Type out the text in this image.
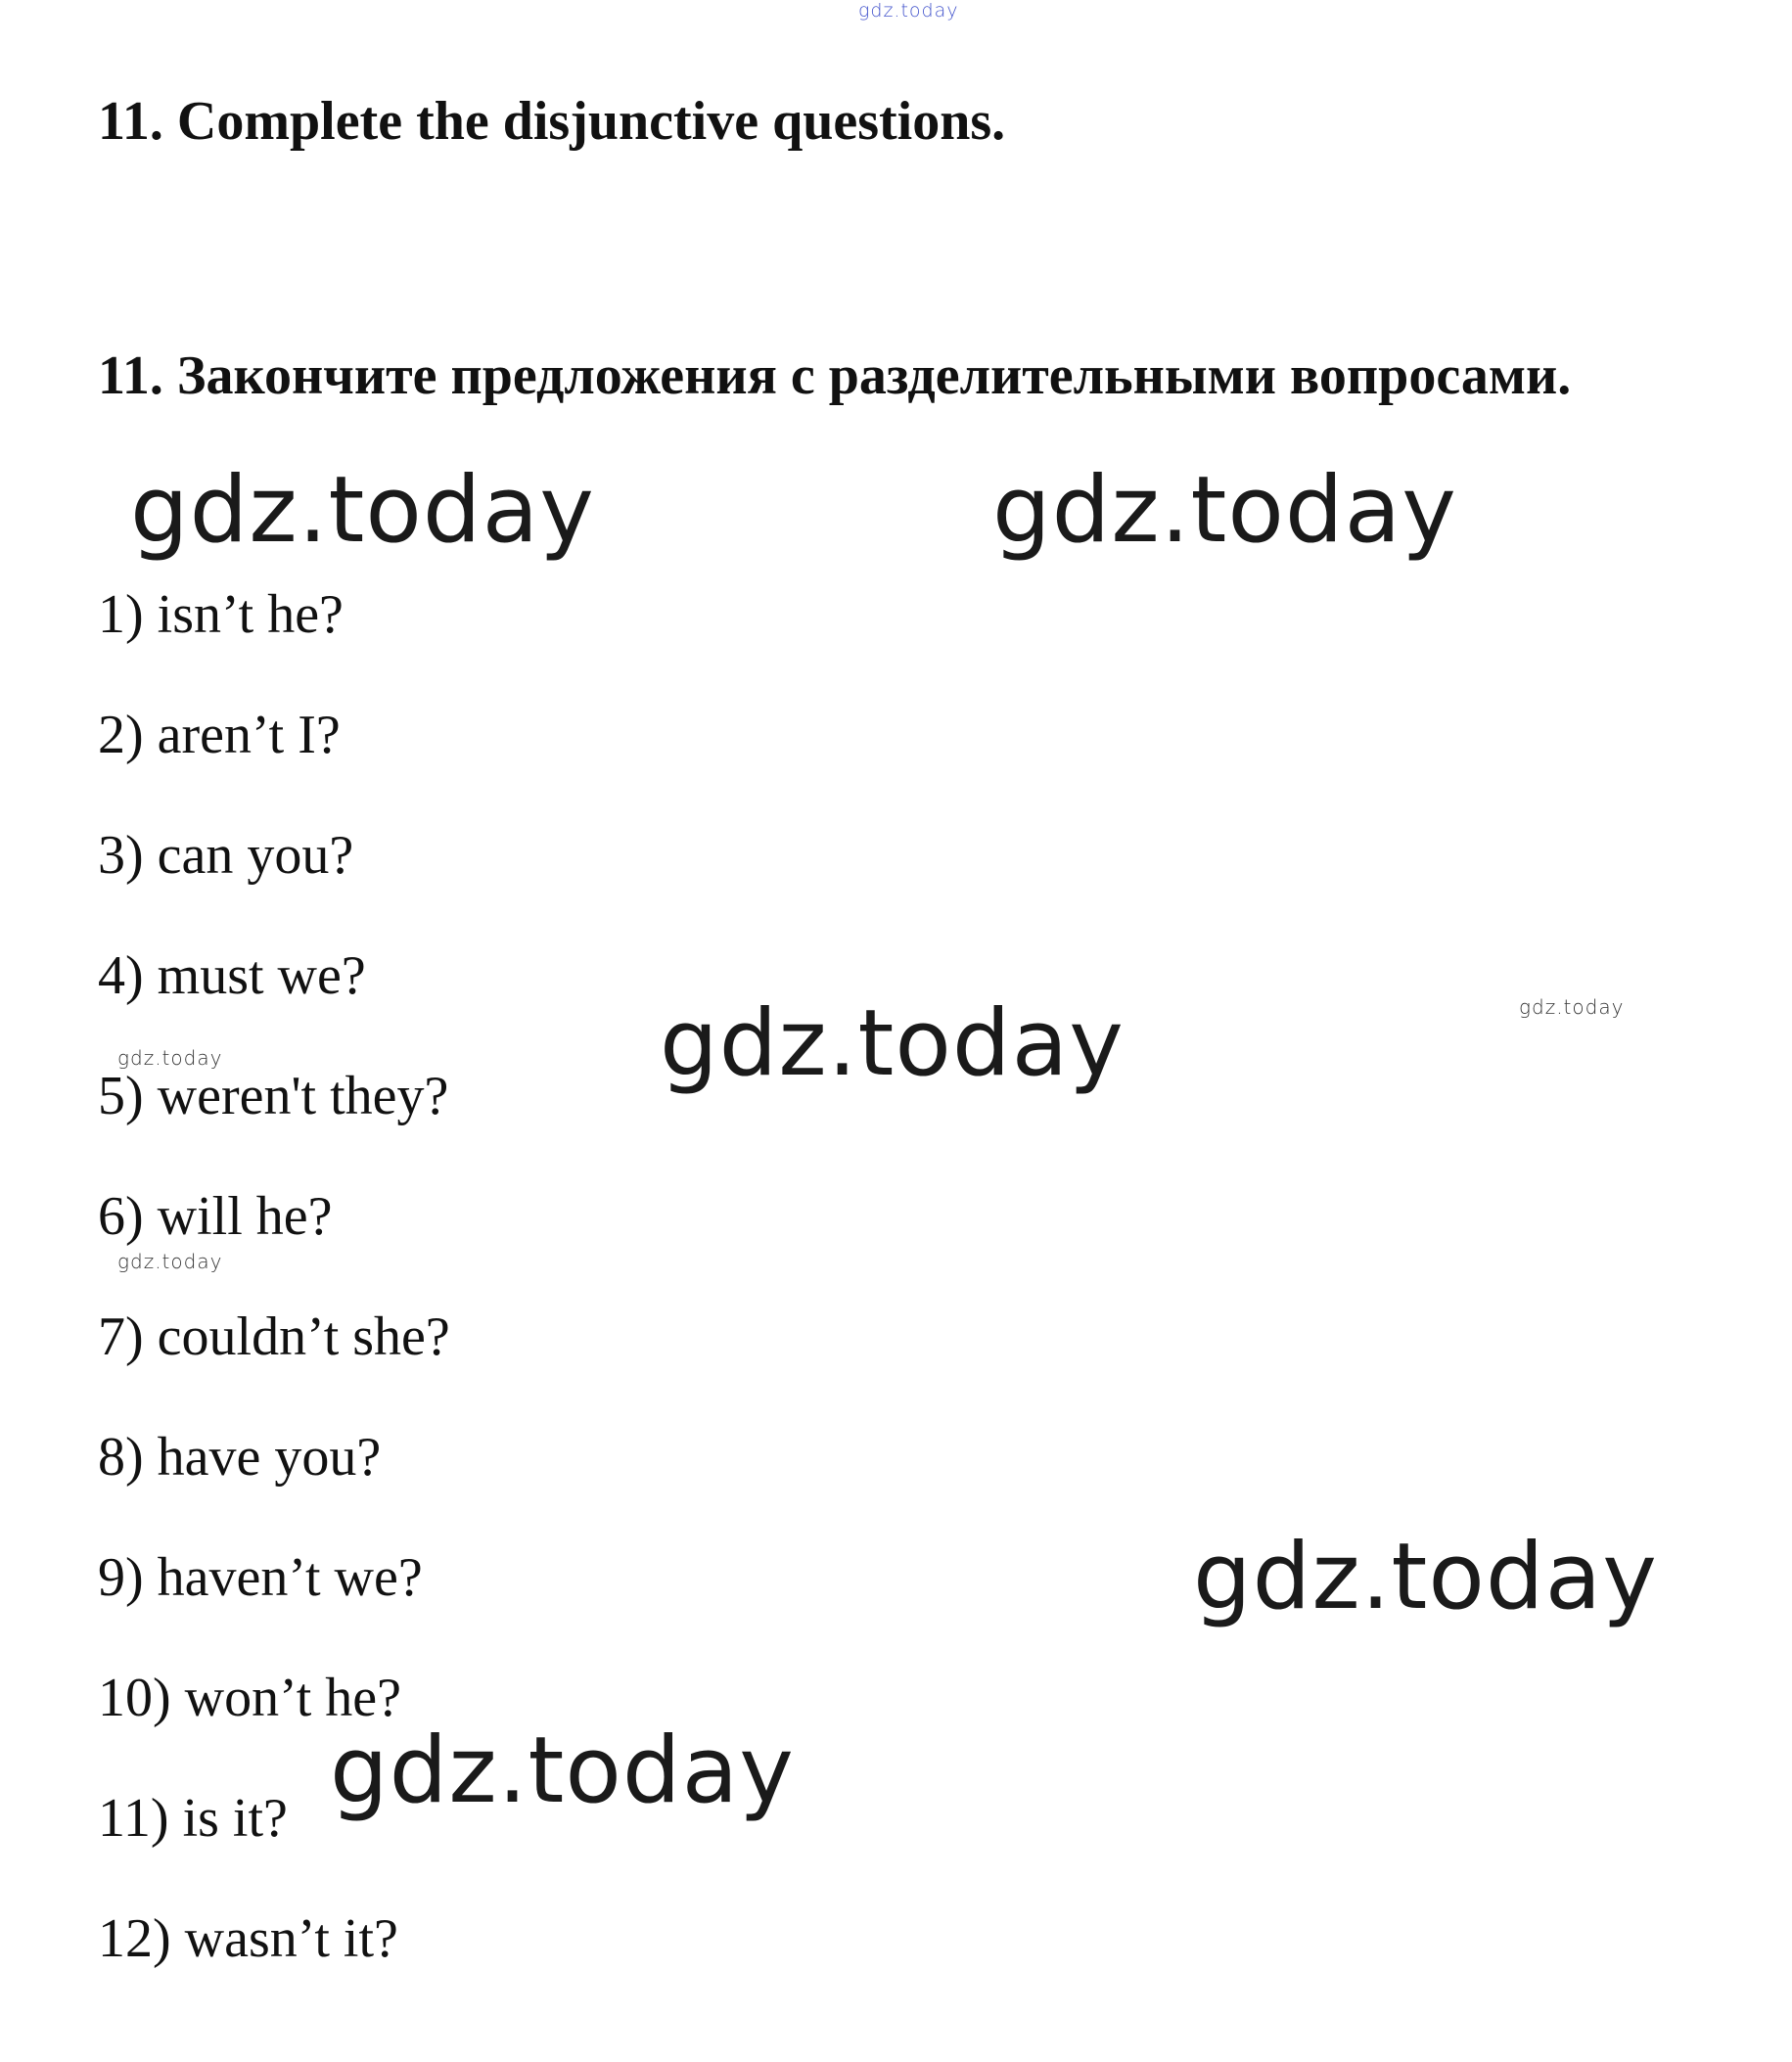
gdz.today
11. Complete the disjunctive questions.
11. Закончите предложения с разделительными вопросами.
gdz.today	gdz.today
gdz.today
gdz.today
gdz.today
gdz.today
gdz.today
gdz.today
1) isn’t he?
2) aren’t I?
3) can you?
4) must we?
5) weren't they?
6) will he?
7) couldn’t she?
8) have you?
9) haven’t we?
10) won’t he?
11) is it?
12) wasn’t it?
